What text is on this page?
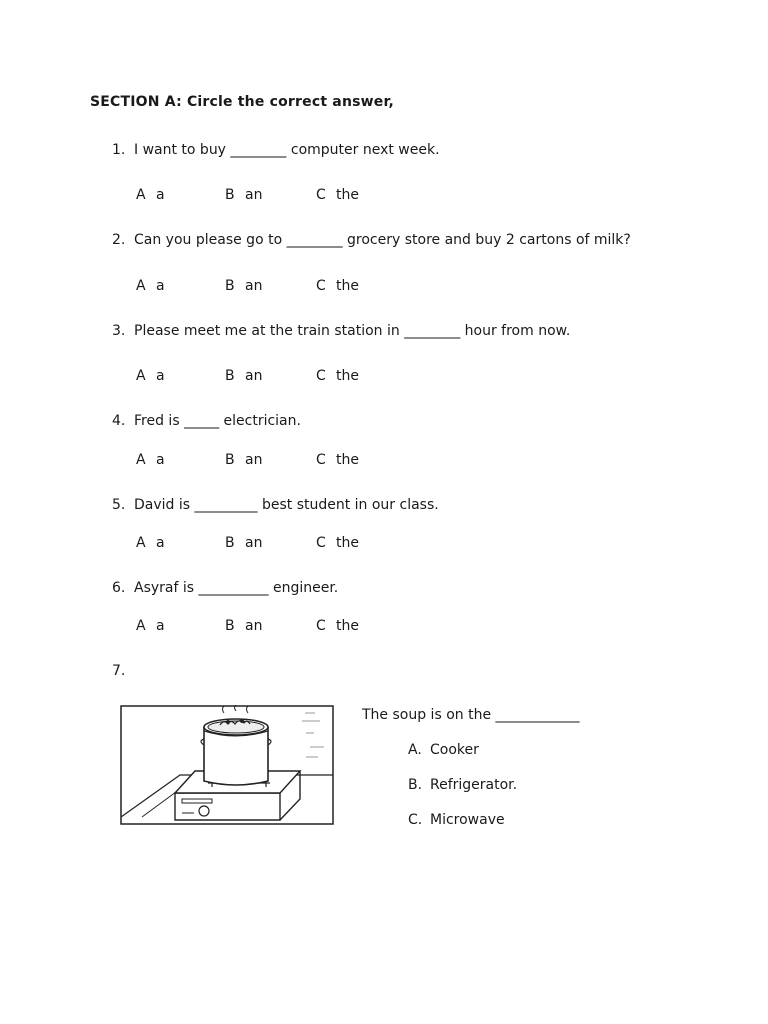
SECTION A: Circle the correct answer,
1. I want to buy ________ computer next week.
A a	B an	C the
2. Can you please go to ________ grocery store and buy 2 cartons of milk?
A a	B an	C the
3. Please meet me at the train station in ________ hour from now.
A a	B an	C the
4. Fred is _____ electrician.
A a	B an	C the
5. David is _________ best student in our class.
A a	B an	C the
6. Asyraf is __________ engineer.
A a	B an	C the
7.
The soup is on the ____________
A. Cooker
B. Refrigerator.
C. Microwave
